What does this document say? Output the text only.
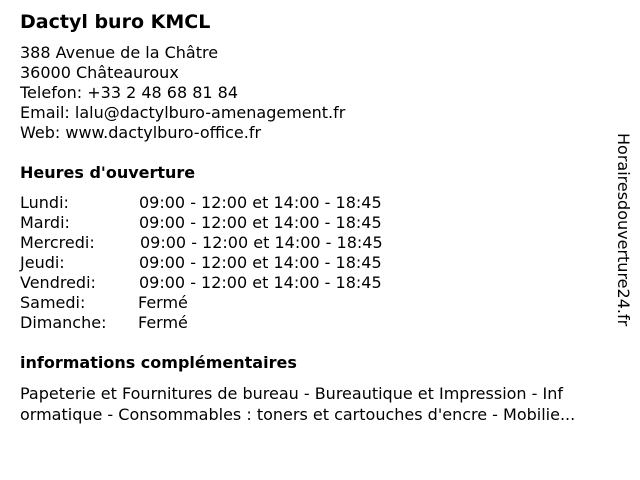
Dactyl buro KMCL
388 Avenue de la Châtre
36000 Châteauroux
Telefon: +33 2 48 68 81 84
Email: lalu@dactylburo-amenagement.fr
Web: www.dactylburo-office.fr
Heures d'ouverture
Lundi:	09:00 - 12:00 et 14:00 - 18:45
Mardi:	09:00 - 12:00 et 14:00 - 18:45
Mercredi:	09:00 - 12:00 et 14:00 - 18:45
Jeudi:	09:00 - 12:00 et 14:00 - 18:45
Vendredi:	09:00 - 12:00 et 14:00 - 18:45
Samedi:	Fermé
Dimanche: Fermé
informations complémentaires
Papeterie et Fournitures de bureau - Bureautique et Impression - Inf
ormatique - Consommables : toners et cartouches d'encre - Mobilie...
Horairesdouverture24.fr
